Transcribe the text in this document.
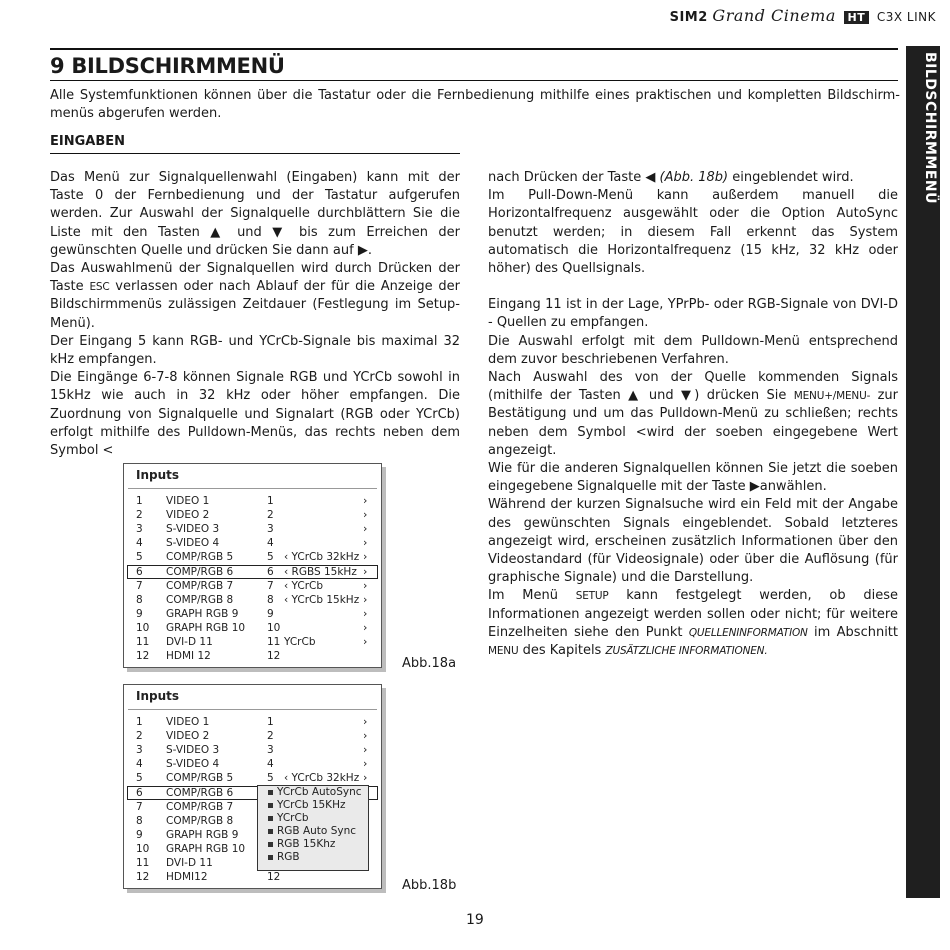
SIM2 Grand Cinema HT C3X LINK
9 BILDSCHIRMMENÜ
Alle Systemfunktionen können über die Tastatur oder die Fernbedienung mithilfe eines praktischen und kompletten Bildschirm-menüs abgerufen werden.
EINGABEN

Das Menü zur Signalquellenwahl (Eingaben) kann mit der Taste 0 der Fernbedienung und der Tastatur aufgerufen werden. Zur Auswahl der Signalquelle durchblättern Sie die Liste mit den Tasten ▲ und ▼ bis zum Erreichen der gewünschten Quelle und drücken Sie dann auf ▶.

Das Auswahlmenü der Signalquellen wird durch Drücken der Taste ESC verlassen oder nach Ablauf der für die Anzeige der Bildschirmmenüs zulässigen Zeitdauer (Festlegung im Setup-Menü).

Der Eingang 5 kann RGB- und YCrCb-Signale bis maximal 32 kHz empfangen.

Die Eingänge 6-7-8 können Signale RGB und YCrCb sowohl in 15kHz wie auch in 32 kHz oder höher empfangen. Die Zuordnung von Signalquelle und Signalart (RGB oder YCrCb) erfolgt mithilfe des Pulldown-Menüs, das rechts neben dem Symbol <

nach Drücken der Taste ◀ (Abb. 18b) eingeblendet wird.

Im Pull-Down-Menü kann außerdem manuell die Horizontalfrequenz ausgewählt oder die Option AutoSync benutzt werden; in diesem Fall erkennt das System automatisch die Horizontalfrequenz (15 kHz, 32 kHz oder höher) des Quellsignals.

Eingang 11 ist in der Lage, YPrPb- oder RGB-Signale von DVI-D - Quellen zu empfangen.

Die Auswahl erfolgt mit dem Pulldown-Menü entsprechend dem zuvor beschriebenen Verfahren.

Nach Auswahl des von der Quelle kommenden Signals (mithilfe der Tasten ▲ und ▼) drücken Sie MENU+/MENU- zur Bestätigung und um das Pulldown-Menü zu schließen; rechts neben dem Symbol <wird der soeben eingegebene Wert angezeigt.

Wie für die anderen Signalquellen können Sie jetzt die soeben eingegebene Signalquelle mit der Taste ▶anwählen.

Während der kurzen Signalsuche wird ein Feld mit der Angabe des gewünschten Signals eingeblendet. Sobald letzteres angezeigt wird, erscheinen zusätzlich Informationen über den Videostandard (für Videosignale) oder über die Auflösung (für graphische Signale) und die Darstellung.

Im Menü SETUP kann festgelegt werden, ob diese Informationen angezeigt werden sollen oder nicht; für weitere Einzelheiten siehe den Punkt QUELLENINFORMATION im Abschnitt MENU des Kapitels ZUSÄTZLICHE INFORMATIONEN.

BILDSCHIRMMENÜ
Inputs
1 VIDEO 1	1	›
2 VIDEO 2	2	›
3 S-VIDEO 3	3	›
4 S-VIDEO 4	4	›
5 COMP/RGB 5	5 ‹ YCrCb 32kHz ›
6 COMP/RGB 6	6 ‹ RGBS 15kHz ›
7 COMP/RGB 7	7 ‹ YCrCb	›
8 COMP/RGB 8	8 ‹ YCrCb 15kHz ›
9 GRAPH RGB 9	9	›
10 GRAPH RGB 10 10	›
11 DVI-D 11	11 YCrCb	›
12 HDMI 12	12	Abb.18a
Inputs
1 VIDEO 1	1	›
2 VIDEO 2	2	›
3 S-VIDEO 3	3	›
4 S-VIDEO 4	4	›
5 COMP/RGB 5	5 ‹ YCrCb 32kHz ›
6 COMP/RGB 6
7 COMP/RGB 7
8 COMP/RGB 8
9 GRAPH RGB 9
10 GRAPH RGB 10
11 DVI-D 11
12 HDMI12	12
YCrCb AutoSync
YCrCb 15KHz
YCrCb
RGB Auto Sync
RGB 15Khz
RGB
Abb.18b
19
